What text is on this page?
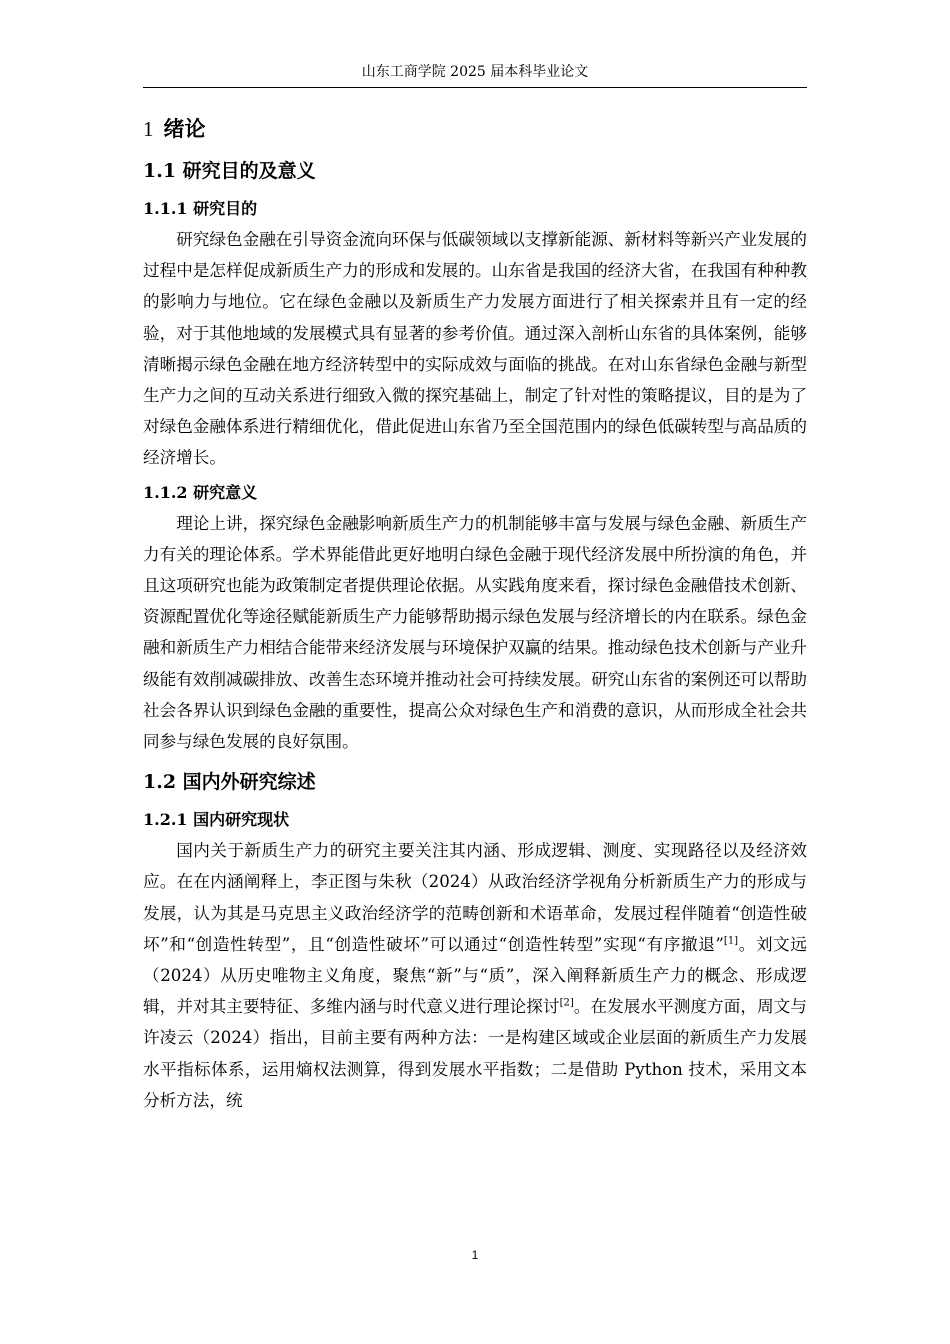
山东工商学院 2025 届本科毕业论文
1 绪论
1.1 研究目的及意义
1.1.1 研究目的

研究绿色金融在引导资金流向环保与低碳领域以支撑新能源、新材料等新兴产业发展的过程中是怎样促成新质生产力的形成和发展的。山东省是我国的经济大省，在我国有种种教的影响力与地位。它在绿色金融以及新质生产力发展方面进行了相关探索并且有一定的经验，对于其他地域的发展模式具有显著的参考价值。通过深入剖析山东省的具体案例，能够清晰揭示绿色金融在地方经济转型中的实际成效与面临的挑战。在对山东省绿色金融与新型生产力之间的互动关系进行细致入微的探究基础上，制定了针对性的策略提议，目的是为了对绿色金融体系进行精细优化，借此促进山东省乃至全国范围内的绿色低碳转型与高品质的经济增长。

1.1.2 研究意义

理论上讲，探究绿色金融影响新质生产力的机制能够丰富与发展与绿色金融、新质生产力有关的理论体系。学术界能借此更好地明白绿色金融于现代经济发展中所扮演的角色，并且这项研究也能为政策制定者提供理论依据。从实践角度来看，探讨绿色金融借技术创新、资源配置优化等途径赋能新质生产力能够帮助揭示绿色发展与经济增长的内在联系。绿色金融和新质生产力相结合能带来经济发展与环境保护双赢的结果。推动绿色技术创新与产业升级能有效削减碳排放、改善生态环境并推动社会可持续发展。研究山东省的案例还可以帮助社会各界认识到绿色金融的重要性，提高公众对绿色生产和消费的意识，从而形成全社会共同参与绿色发展的良好氛围。

1.2 国内外研究综述
1.2.1 国内研究现状

国内关于新质生产力的研究主要关注其内涵、形成逻辑、测度、实现路径以及经济效应。在在内涵阐释上，李正图与朱秋（2024）从政治经济学视角分析新质生产力的形成与发展，认为其是马克思主义政治经济学的范畴创新和术语革命，发展过程伴随着“创造性破坏”和“创造性转型”，且“创造性破坏”可以通过“创造性转型”实现“有序撤退”[1]。刘文远（2024）从历史唯物主义角度，聚焦“新”与“质”，深入阐释新质生产力的概念、形成逻辑，并对其主要特征、多维内涵与时代意义进行理论探讨[2]。在发展水平测度方面，周文与许凌云（2024）指出，目前主要有两种方法：一是构建区域或企业层面的新质生产力发展水平指标体系，运用熵权法测算，得到发展水平指数；二是借助 Python 技术，采用文本分析方法，统

1
